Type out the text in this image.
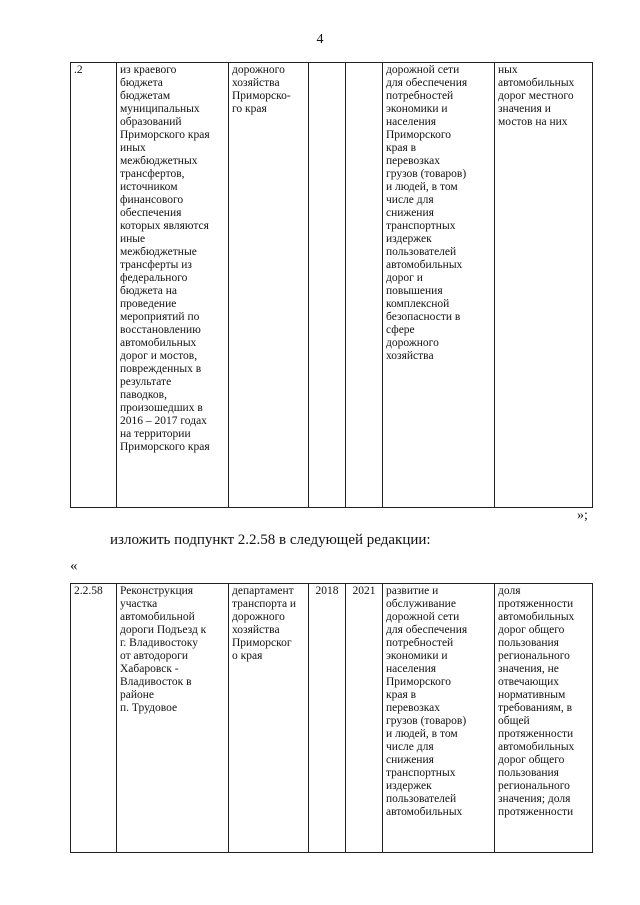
4
.2	из краевого
бюджета
бюджетам
муниципальных
образований
Приморского края
иных
межбюджетных
трансфертов,
источником
финансового
обеспечения
которых являются
иные
межбюджетные
трансферты из
федерального
бюджета на
проведение
мероприятий по
восстановлению
автомобильных
дорог и мостов,
поврежденных в
результате
паводков,
произошедших в
2016 – 2017 годах
на территории
Приморского края	дорожного
хозяйства
Приморско-
го края			дорожной сети
для обеспечения
потребностей
экономики и
населения
Приморского
края в
перевозках
грузов (товаров)
и людей, в том
числе для
снижения
транспортных
издержек
пользователей
автомобильных
дорог и
повышения
комплексной
безопасности в
сфере
дорожного
хозяйства	ных
автомобильных
дорог местного
значения и
мостов на них
»;
изложить подпункт 2.2.58 в следующей редакции:
«
2.2.58	Реконструкция
участка
автомобильной
дороги Подъезд к
г. Владивостоку
от автодороги
Хабаровск -
Владивосток в
районе
п. Трудовое	департамент
транспорта и
дорожного
хозяйства
Приморског
о края	2018	2021	развитие и
обслуживание
дорожной сети
для обеспечения
потребностей
экономики и
населения
Приморского
края в
перевозках
грузов (товаров)
и людей, в том
числе для
снижения
транспортных
издержек
пользователей
автомобильных	доля
протяженности
автомобильных
дорог общего
пользования
регионального
значения, не
отвечающих
нормативным
требованиям, в
общей
протяженности
автомобильных
дорог общего
пользования
регионального
значения; доля
протяженности
